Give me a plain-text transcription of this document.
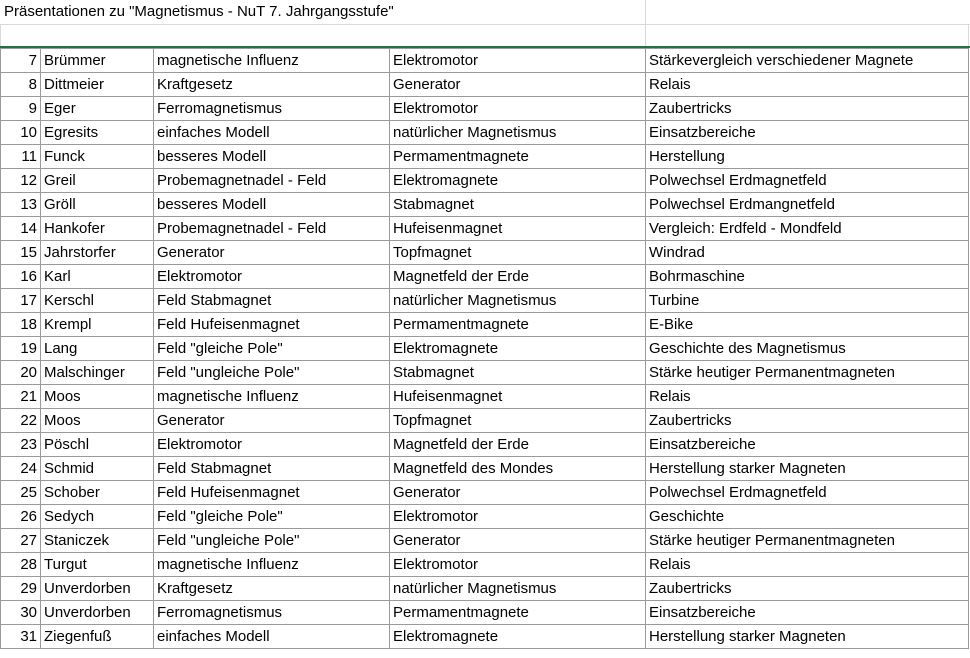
Präsentationen zu "Magnetismus - NuT 7. Jahrgangsstufe"
7	Brümmer	magnetische Influenz	Elektromotor	Stärkevergleich verschiedener Magnete
8	Dittmeier	Kraftgesetz	Generator	Relais
9	Eger	Ferromagnetismus	Elektromotor	Zaubertricks
10	Egresits	einfaches Modell	natürlicher Magnetismus	Einsatzbereiche
11	Funck	besseres Modell	Permamentmagnete	Herstellung
12	Greil	Probemagnetnadel - Feld	Elektromagnete	Polwechsel Erdmagnetfeld
13	Gröll	besseres Modell	Stabmagnet	Polwechsel Erdmangnetfeld
14	Hankofer	Probemagnetnadel - Feld	Hufeisenmagnet	Vergleich: Erdfeld - Mondfeld
15	Jahrstorfer	Generator	Topfmagnet	Windrad
16	Karl	Elektromotor	Magnetfeld der Erde	Bohrmaschine
17	Kerschl	Feld Stabmagnet	natürlicher Magnetismus	Turbine
18	Krempl	Feld Hufeisenmagnet	Permamentmagnete	E-Bike
19	Lang	Feld "gleiche Pole"	Elektromagnete	Geschichte des Magnetismus
20	Malschinger	Feld "ungleiche Pole"	Stabmagnet	Stärke heutiger Permanentmagneten
21	Moos	magnetische Influenz	Hufeisenmagnet	Relais
22	Moos	Generator	Topfmagnet	Zaubertricks
23	Pöschl	Elektromotor	Magnetfeld der Erde	Einsatzbereiche
24	Schmid	Feld Stabmagnet	Magnetfeld des Mondes	Herstellung starker Magneten
25	Schober	Feld Hufeisenmagnet	Generator	Polwechsel Erdmagnetfeld
26	Sedych	Feld "gleiche Pole"	Elektromotor	Geschichte
27	Staniczek	Feld "ungleiche Pole"	Generator	Stärke heutiger Permanentmagneten
28	Turgut	magnetische Influenz	Elektromotor	Relais
29	Unverdorben	Kraftgesetz	natürlicher Magnetismus	Zaubertricks
30	Unverdorben	Ferromagnetismus	Permamentmagnete	Einsatzbereiche
31	Ziegenfuß	einfaches Modell	Elektromagnete	Herstellung starker Magneten
